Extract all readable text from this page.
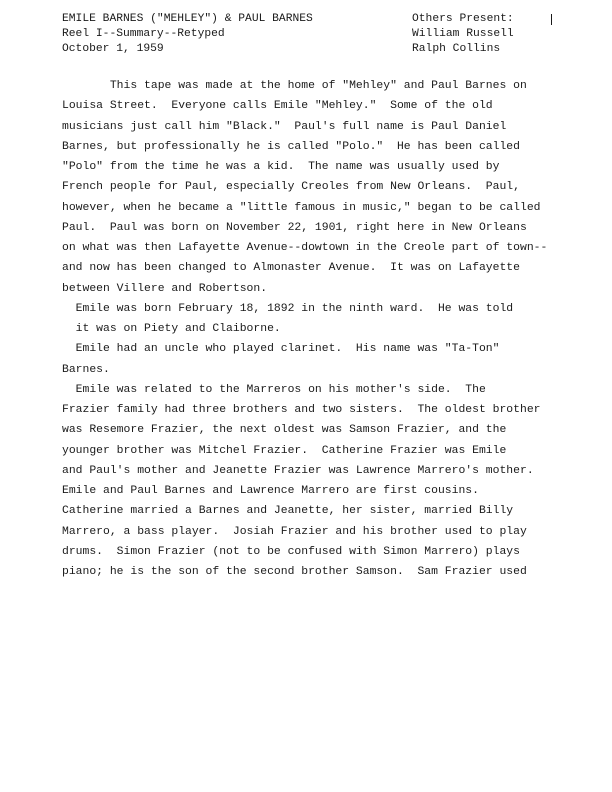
EMILE BARNES ("MEHLEY") & PAUL BARNES
Reel I--Summary--Retyped
October 1, 1959
Others Present:
William Russell
Ralph Collins
This tape was made at the home of "Mehley" and Paul Barnes on
Louisa Street.  Everyone calls Emile "Mehley."  Some of the old
musicians just call him "Black."  Paul's full name is Paul Daniel
Barnes, but professionally he is called "Polo."  He has been called
"Polo" from the time he was a kid.  The name was usually used by
French people for Paul, especially Creoles from New Orleans.  Paul,
however, when he became a "little famous in music," began to be called
Paul.  Paul was born on November 22, 1901, right here in New Orleans
on what was then Lafayette Avenue--dowtown in the Creole part of town--
and now has been changed to Almonaster Avenue.  It was on Lafayette
between Villere and Robertson.
Emile was born February 18, 1892 in the ninth ward.  He was told
it was on Piety and Claiborne.
Emile had an uncle who played clarinet.  His name was "Ta-Ton"
Barnes.
Emile was related to the Marreros on his mother's side.  The
Frazier family had three brothers and two sisters.  The oldest brother
was Resemore Frazier, the next oldest was Samson Frazier, and the
younger brother was Mitchel Frazier.  Catherine Frazier was Emile
and Paul's mother and Jeanette Frazier was Lawrence Marrero's mother.
Emile and Paul Barnes and Lawrence Marrero are first cousins.
Catherine married a Barnes and Jeanette, her sister, married Billy
Marrero, a bass player.  Josiah Frazier and his brother used to play
drums.  Simon Frazier (not to be confused with Simon Marrero) plays
piano; he is the son of the second brother Samson.  Sam Frazier used
